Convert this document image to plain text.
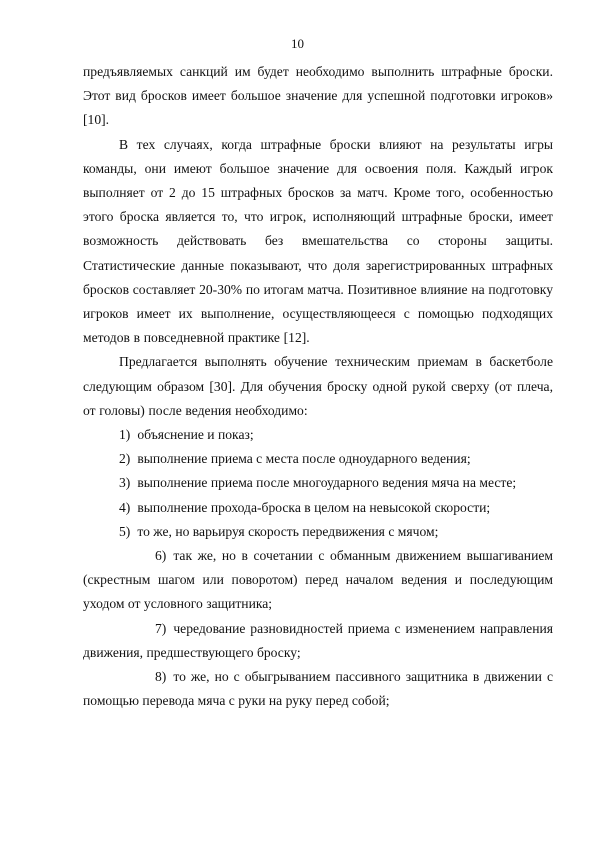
10

предъявляемых санкций им будет необходимо выполнить штрафные броски. Этот вид бросков имеет большое значение для успешной подготовки игроков» [10].

В тех случаях, когда штрафные броски влияют на результаты игры команды, они имеют большое значение для освоения поля. Каждый игрок выполняет от 2 до 15 штрафных бросков за матч. Кроме того, особенностью этого броска является то, что игрок, исполняющий штрафные броски, имеет возможность действовать без вмешательства со стороны защиты. Статистические данные показывают, что доля зарегистрированных штрафных бросков составляет 20-30% по итогам матча. Позитивное влияние на подготовку игроков имеет их выполнение, осуществляющееся с помощью подходящих методов в повседневной практике [12].

Предлагается выполнять обучение техническим приемам в баскетболе следующим образом [30]. Для обучения броску одной рукой сверху (от плеча, от головы) после ведения необходимо:

1) объяснение и показ;
2) выполнение приема с места после одноударного ведения;
3) выполнение приема после многоударного ведения мяча на месте;
4) выполнение прохода-броска в целом на невысокой скорости;
5) то же, но варьируя скорость передвижения с мячом;
6) так же, но в сочетании с обманным движением вышагиванием (скрестным шагом или поворотом) перед началом ведения и последующим уходом от условного защитника;
7) чередование разновидностей приема с изменением направления движения, предшествующего броску;
8) то же, но с обыгрыванием пассивного защитника в движении с помощью перевода мяча с руки на руку перед собой;
